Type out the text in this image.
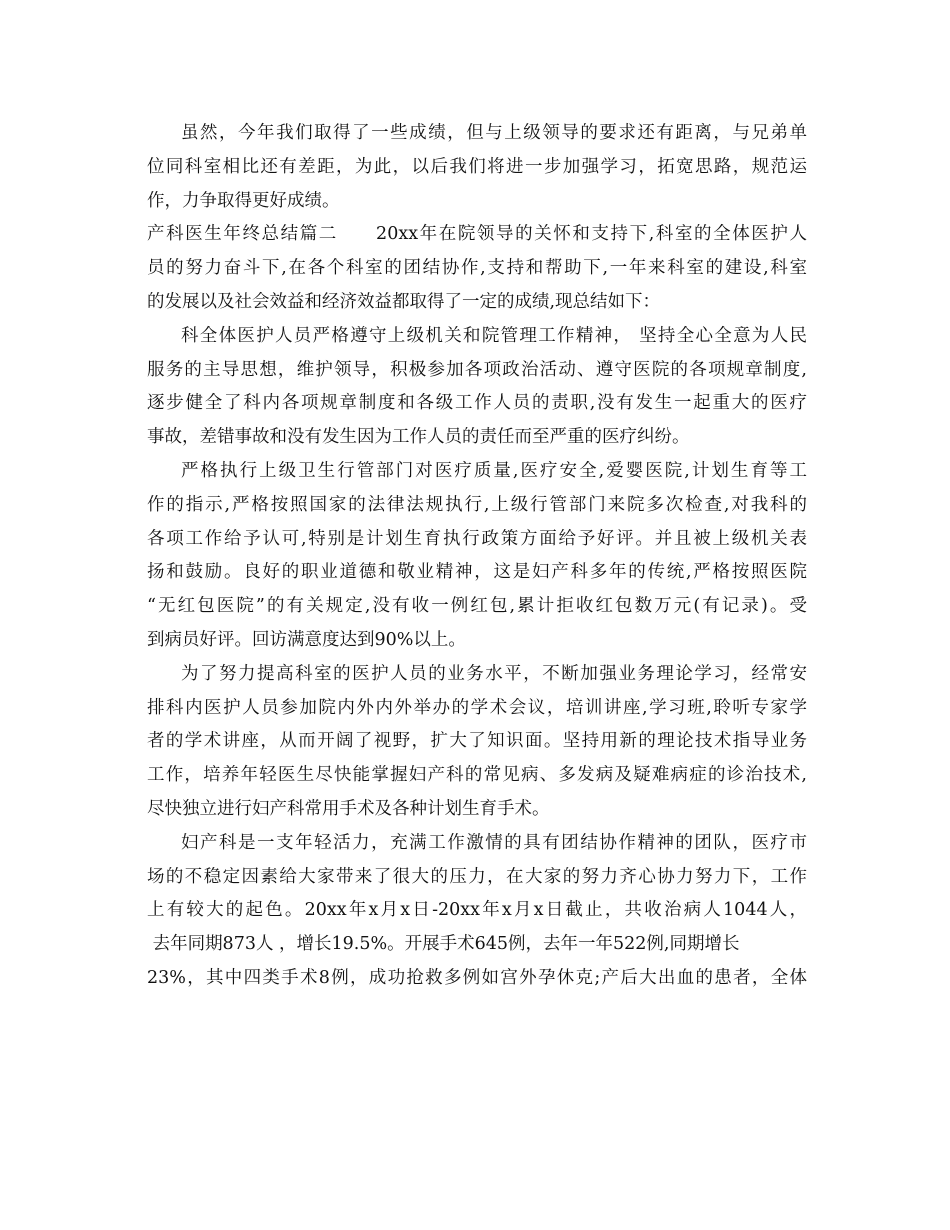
虽然，今年我们取得了一些成绩，但与上级领导的要求还有距离，与兄弟单
位同科室相比还有差距，为此，以后我们将进一步加强学习，拓宽思路，规范运
作，力争取得更好成绩。
产科医生年终总结篇二　　20xx年在院领导的关怀和支持下,科室的全体医护人
员的努力奋斗下,在各个科室的团结协作,支持和帮助下,一年来科室的建设,科室
的发展以及社会效益和经济效益都取得了一定的成绩,现总结如下：
科全体医护人员严格遵守上级机关和院管理工作精神， 坚持全心全意为人民
服务的主导思想，维护领导，积极参加各项政治活动、遵守医院的各项规章制度,
逐步健全了科内各项规章制度和各级工作人员的责职,没有发生一起重大的医疗
事故，差错事故和没有发生因为工作人员的责任而至严重的医疗纠纷。
严格执行上级卫生行管部门对医疗质量,医疗安全,爱婴医院,计划生育等工
作的指示,严格按照国家的法律法规执行,上级行管部门来院多次检查,对我科的
各项工作给予认可,特别是计划生育执行政策方面给予好评。并且被上级机关表
扬和鼓励。良好的职业道德和敬业精神，这是妇产科多年的传统,严格按照医院
“无红包医院”的有关规定,没有收一例红包,累计拒收红包数万元(有记录)。受
到病员好评。回访满意度达到90%以上。
为了努力提高科室的医护人员的业务水平，不断加强业务理论学习，经常安
排科内医护人员参加院内外内外举办的学术会议，培训讲座,学习班,聆听专家学
者的学术讲座，从而开阔了视野，扩大了知识面。坚持用新的理论技术指导业务
工作，培养年轻医生尽快能掌握妇产科的常见病、多发病及疑难病症的诊治技术,
尽快独立进行妇产科常用手术及各种计划生育手术。
妇产科是一支年轻活力，充满工作激情的具有团结协作精神的团队，医疗市
场的不稳定因素给大家带来了很大的压力，在大家的努力齐心协力努力下，工作
上有较大的起色。20xx年x月x日-20xx年x月x日截止，共收治病人1044人，
去年同期873人 ，增长19.5%。开展手术645例，去年一年522例,同期增长
23%，其中四类手术8例，成功抢救多例如宫外孕休克;产后大出血的患者，全体
